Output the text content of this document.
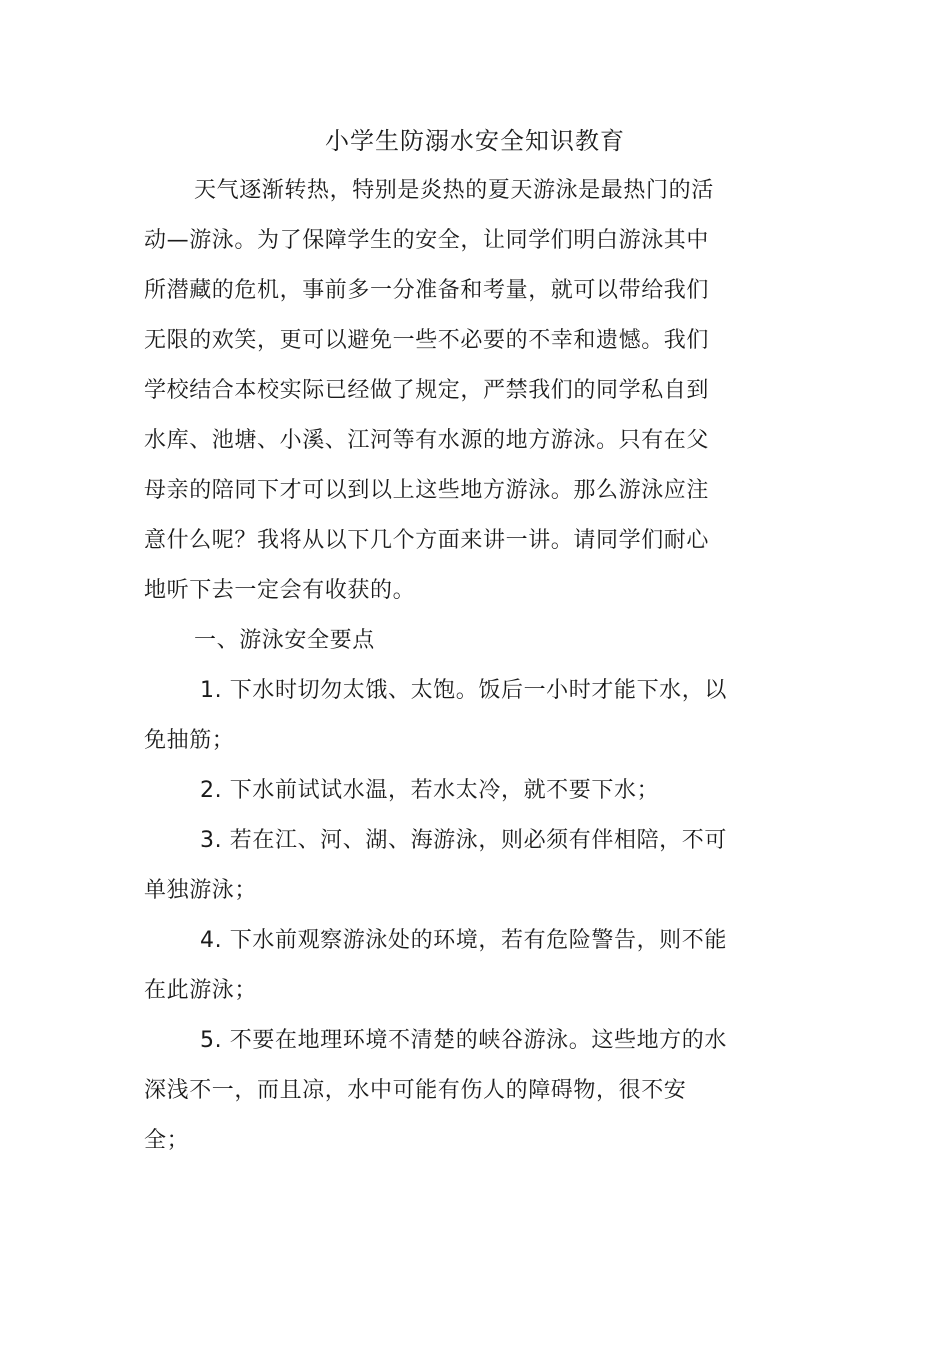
小学生防溺水安全知识教育
天气逐渐转热，特别是炎热的夏天游泳是最热门的活
动—游泳。为了保障学生的安全，让同学们明白游泳其中
所潜藏的危机，事前多一分准备和考量，就可以带给我们
无限的欢笑，更可以避免一些不必要的不幸和遗憾。我们
学校结合本校实际已经做了规定，严禁我们的同学私自到
水库、池塘、小溪、江河等有水源的地方游泳。只有在父
母亲的陪同下才可以到以上这些地方游泳。那么游泳应注
意什么呢？我将从以下几个方面来讲一讲。请同学们耐心
地听下去一定会有收获的。
一、游泳安全要点
1. 下水时切勿太饿、太饱。饭后一小时才能下水，以
免抽筋；
2. 下水前试试水温，若水太冷，就不要下水；
3. 若在江、河、湖、海游泳，则必须有伴相陪，不可
单独游泳；
4. 下水前观察游泳处的环境，若有危险警告，则不能
在此游泳；
5. 不要在地理环境不清楚的峡谷游泳。这些地方的水
深浅不一，而且凉，水中可能有伤人的障碍物，很不安
全；
